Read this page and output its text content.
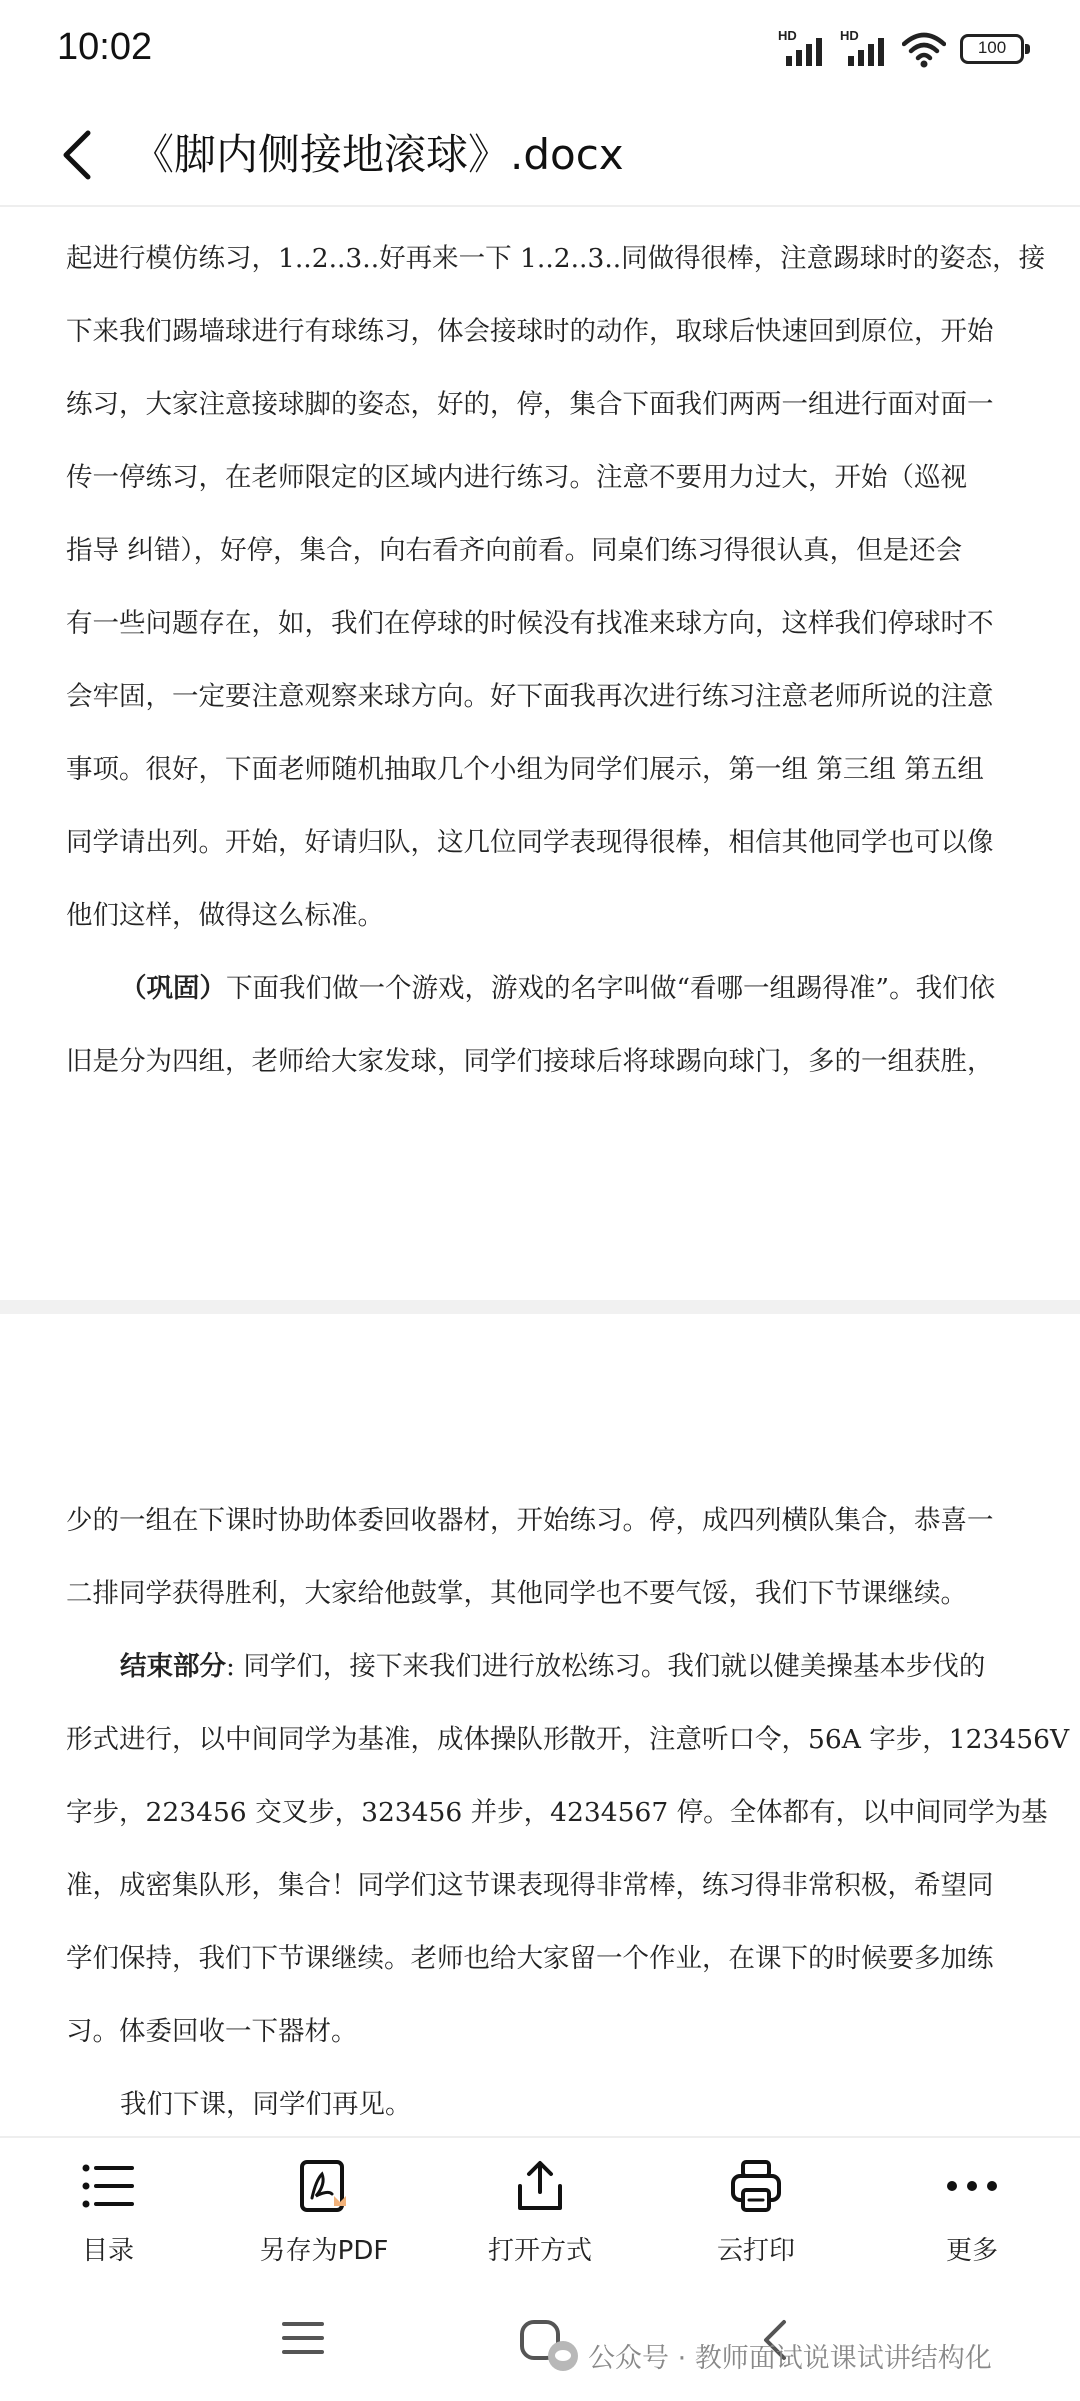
10:02	HD	HD
100
《脚内侧接地滚球》.docx
起进行模仿练习，1..2..3..好再来一下 1..2..3..同做得很棒，注意踢球时的姿态，接
下来我们踢墙球进行有球练习，体会接球时的动作，取球后快速回到原位，开始
练习，大家注意接球脚的姿态，好的，停，集合下面我们两两一组进行面对面一
传一停练习，在老师限定的区域内进行练习。注意不要用力过大，开始（巡视
指导 纠错），好停，集合，向右看齐向前看。同桌们练习得很认真，但是还会
有一些问题存在，如，我们在停球的时候没有找准来球方向，这样我们停球时不
会牢固，一定要注意观察来球方向。好下面我再次进行练习注意老师所说的注意
事项。很好，下面老师随机抽取几个小组为同学们展示，第一组 第三组 第五组
同学请出列。开始，好请归队，这几位同学表现得很棒，相信其他同学也可以像
他们这样，做得这么标准。
（巩固）下面我们做一个游戏，游戏的名字叫做“看哪一组踢得准”。我们依
旧是分为四组，老师给大家发球，同学们接球后将球踢向球门，多的一组获胜，
少的一组在下课时协助体委回收器材，开始练习。停，成四列横队集合，恭喜一
二排同学获得胜利，大家给他鼓掌，其他同学也不要气馁，我们下节课继续。
结束部分: 同学们，接下来我们进行放松练习。我们就以健美操基本步伐的
形式进行，以中间同学为基准，成体操队形散开，注意听口令，56A 字步，123456V
字步，223456 交叉步，323456 并步，4234567 停。全体都有，以中间同学为基
准，成密集队形，集合！同学们这节课表现得非常棒，练习得非常积极，希望同
学们保持，我们下节课继续。老师也给大家留一个作业，在课下的时候要多加练
习。体委回收一下器材。
我们下课，同学们再见。
目录	另存为PDF	打开方式	云打印	更多
公众号 · 教师面试说课试讲结构化
